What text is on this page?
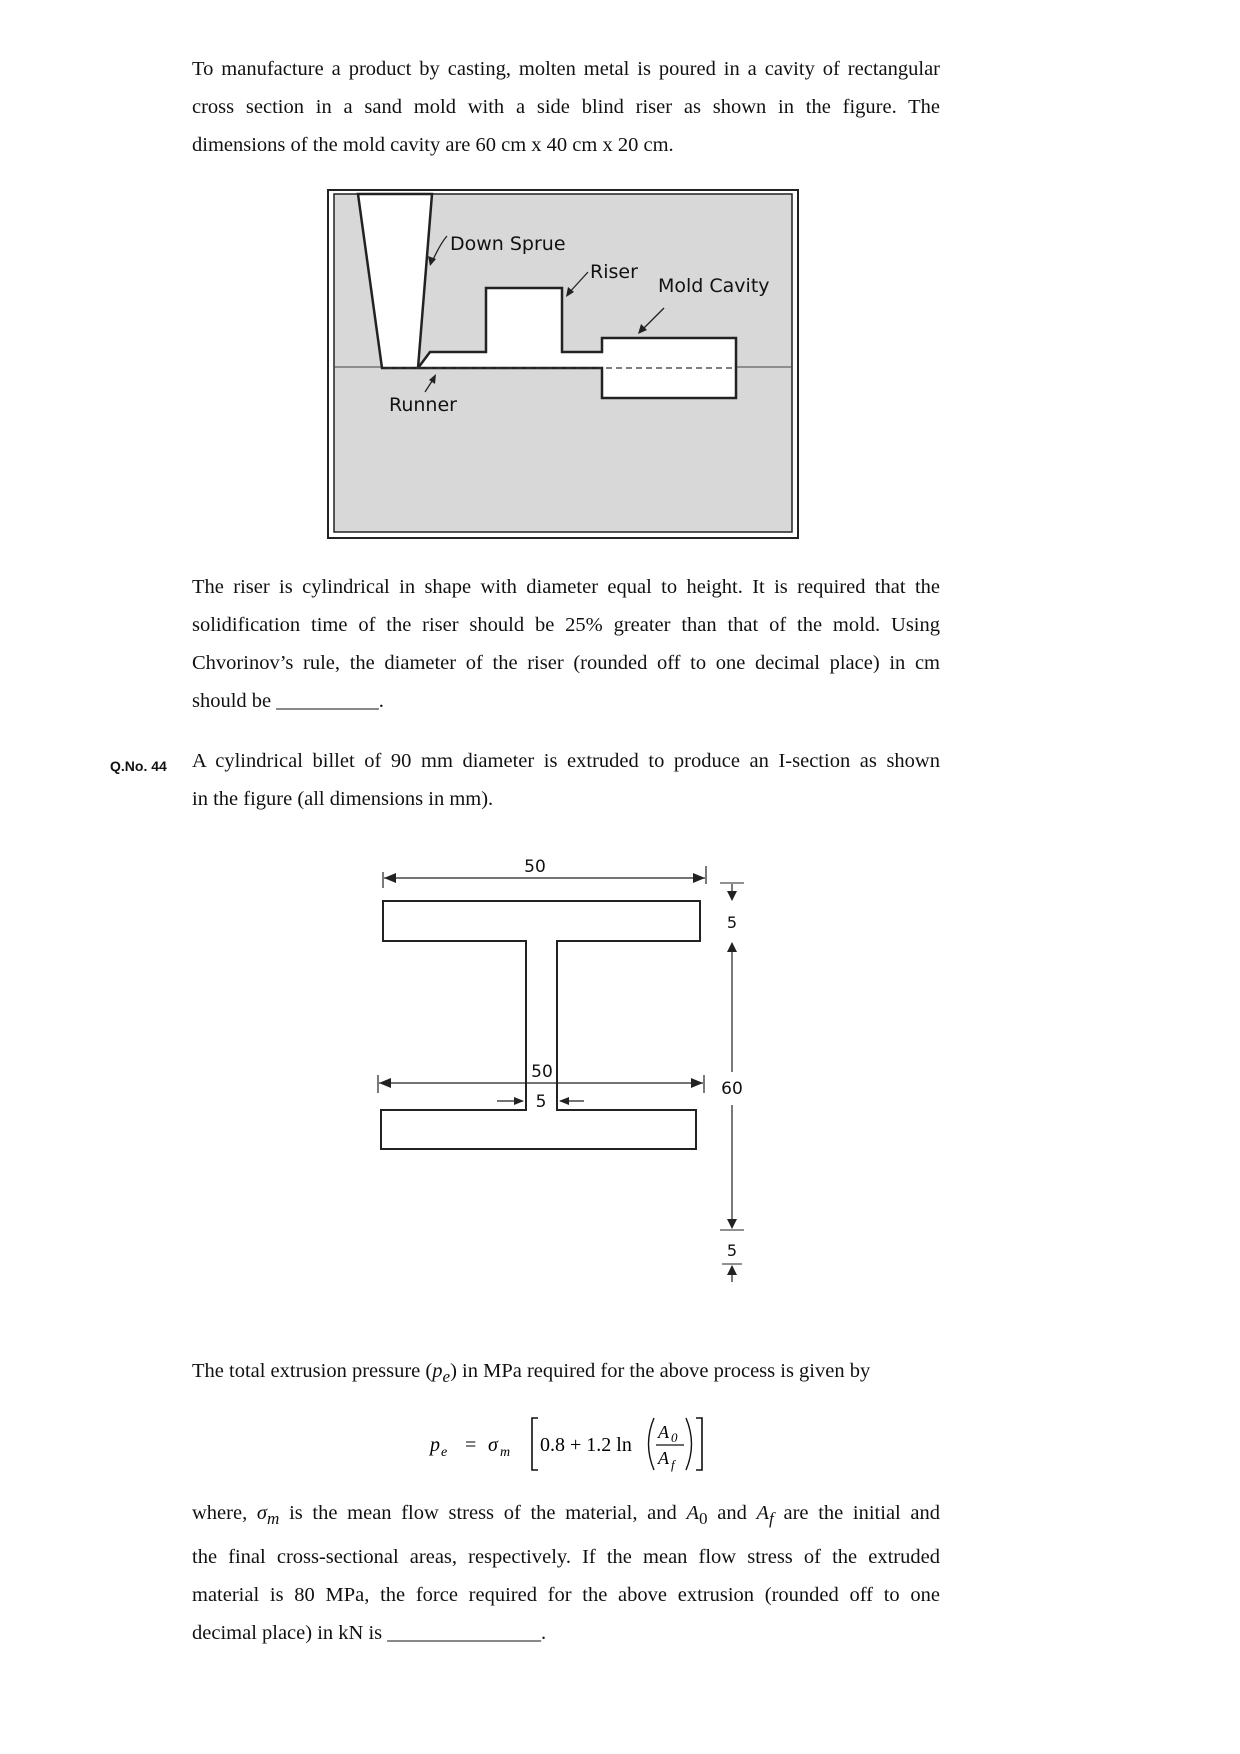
To manufacture a product by casting, molten metal is poured in a cavity of rectangular
cross section in a sand mold with a side blind riser as shown in the figure. The
dimensions of the mold cavity are 60 cm x 40 cm x 20 cm.
Down Sprue
Riser
Mold Cavity
Runner
The riser is cylindrical in shape with diameter equal to height. It is required that the
solidification time of the riser should be 25% greater than that of the mold. Using
Chvorinov’s rule, the diameter of the riser (rounded off to one decimal place) in cm
should be __________.
Q.No. 44 A cylindrical billet of 90 mm diameter is extruded to produce an I-section as shown
in the figure (all dimensions in mm).
50
50
5
5
60
5
The total extrusion pressure $(p_e)$ in MPa required for the above process is given by
p e = σ m 0.8 + 1.2 ln
A 0
A f
where, $\sigma_m$ is the mean flow stress of the material, and $A_0$ and $A_f$ are the initial and
the final cross-sectional areas, respectively. If the mean flow stress of the extruded
material is 80 MPa, the force required for the above extrusion (rounded off to one
decimal place) in kN is _______________.
